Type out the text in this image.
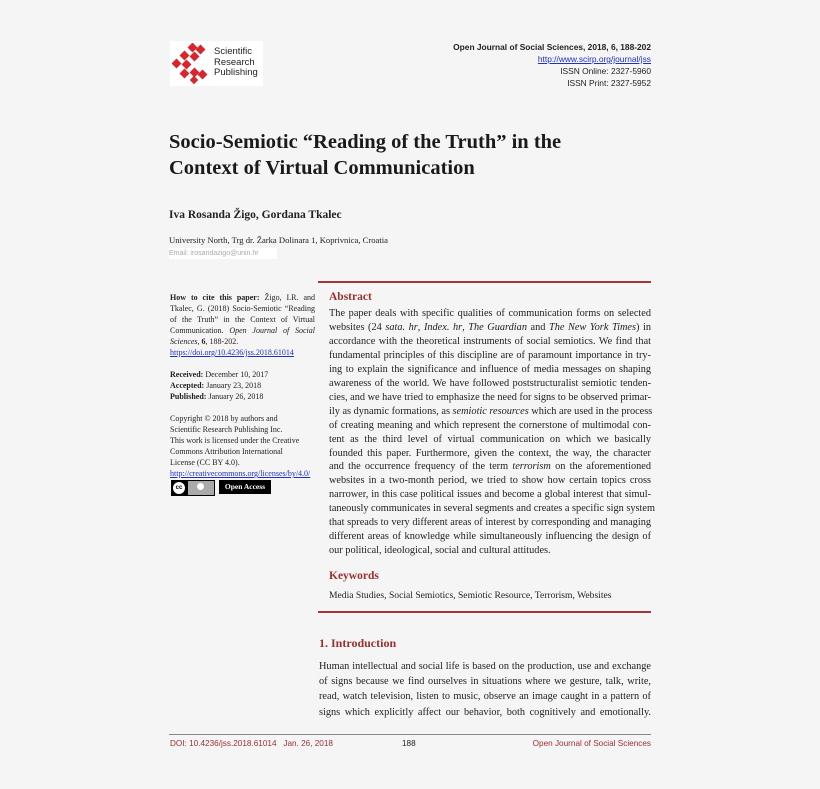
Scientific
Research
Publishing
Open Journal of Social Sciences, 2018, 6, 188-202
http://www.scirp.org/journal/jss
ISSN Online: 2327-5960
ISSN Print: 2327-5952
Socio-Semiotic “Reading of the Truth” in the
Context of Virtual Communication
Iva Rosanda Žigo, Gordana Tkalec
University North, Trg dr. Žarka Dolinara 1, Koprivnica, Croatia
Email: irosandazigo@unin.hr
How to cite this paper: Žigo, I.R. and
Tkalec, G. (2018) Socio-Semiotic “Reading
of the Truth” in the Context of Virtual
Communication. Open Journal of Social
Sciences, 6, 188-202.
https://doi.org/10.4236/jss.2018.61014
Received: December 10, 2017
Accepted: January 23, 2018
Published: January 26, 2018
Copyright © 2018 by authors and
Scientific Research Publishing Inc.
This work is licensed under the Creative
Commons Attribution International
License (CC BY 4.0).
http://creativecommons.org/licenses/by/4.0/
cc	Open Access
Abstract
The paper deals with specific qualities of communication forms on selected
websites (24 sata. hr, Index. hr, The Guardian and The New York Times) in
accordance with the theoretical instruments of social semiotics. We find that
fundamental principles of this discipline are of paramount importance in try-
ing to explain the significance and influence of media messages on shaping
awareness of the world. We have followed poststructuralist semiotic tenden-
cies, and we have tried to emphasize the need for signs to be observed primar-
ily as dynamic formations, as semiotic resources which are used in the process
of creating meaning and which represent the cornerstone of multimodal con-
tent as the third level of virtual communication on which we basically
founded this paper. Furthermore, given the context, the way, the character
and the occurrence frequency of the term terrorism on the aforementioned
websites in a two-month period, we tried to show how certain topics cross
narrower, in this case political issues and become a global interest that simul-
taneously communicates in several segments and creates a specific sign system
that spreads to very different areas of interest by corresponding and managing
different areas of knowledge while simultaneously influencing the design of
our political, ideological, social and cultural attitudes.
Keywords
Media Studies, Social Semiotics, Semiotic Resource, Terrorism, Websites
1. Introduction
Human intellectual and social life is based on the production, use and exchange
of signs because we find ourselves in situations where we gesture, talk, write,
read, watch television, listen to music, observe an image caught in a pattern of
signs which explicitly affect our behavior, both cognitively and emotionally.
DOI: 10.4236/jss.2018.61014 Jan. 26, 2018	188	Open Journal of Social Sciences
